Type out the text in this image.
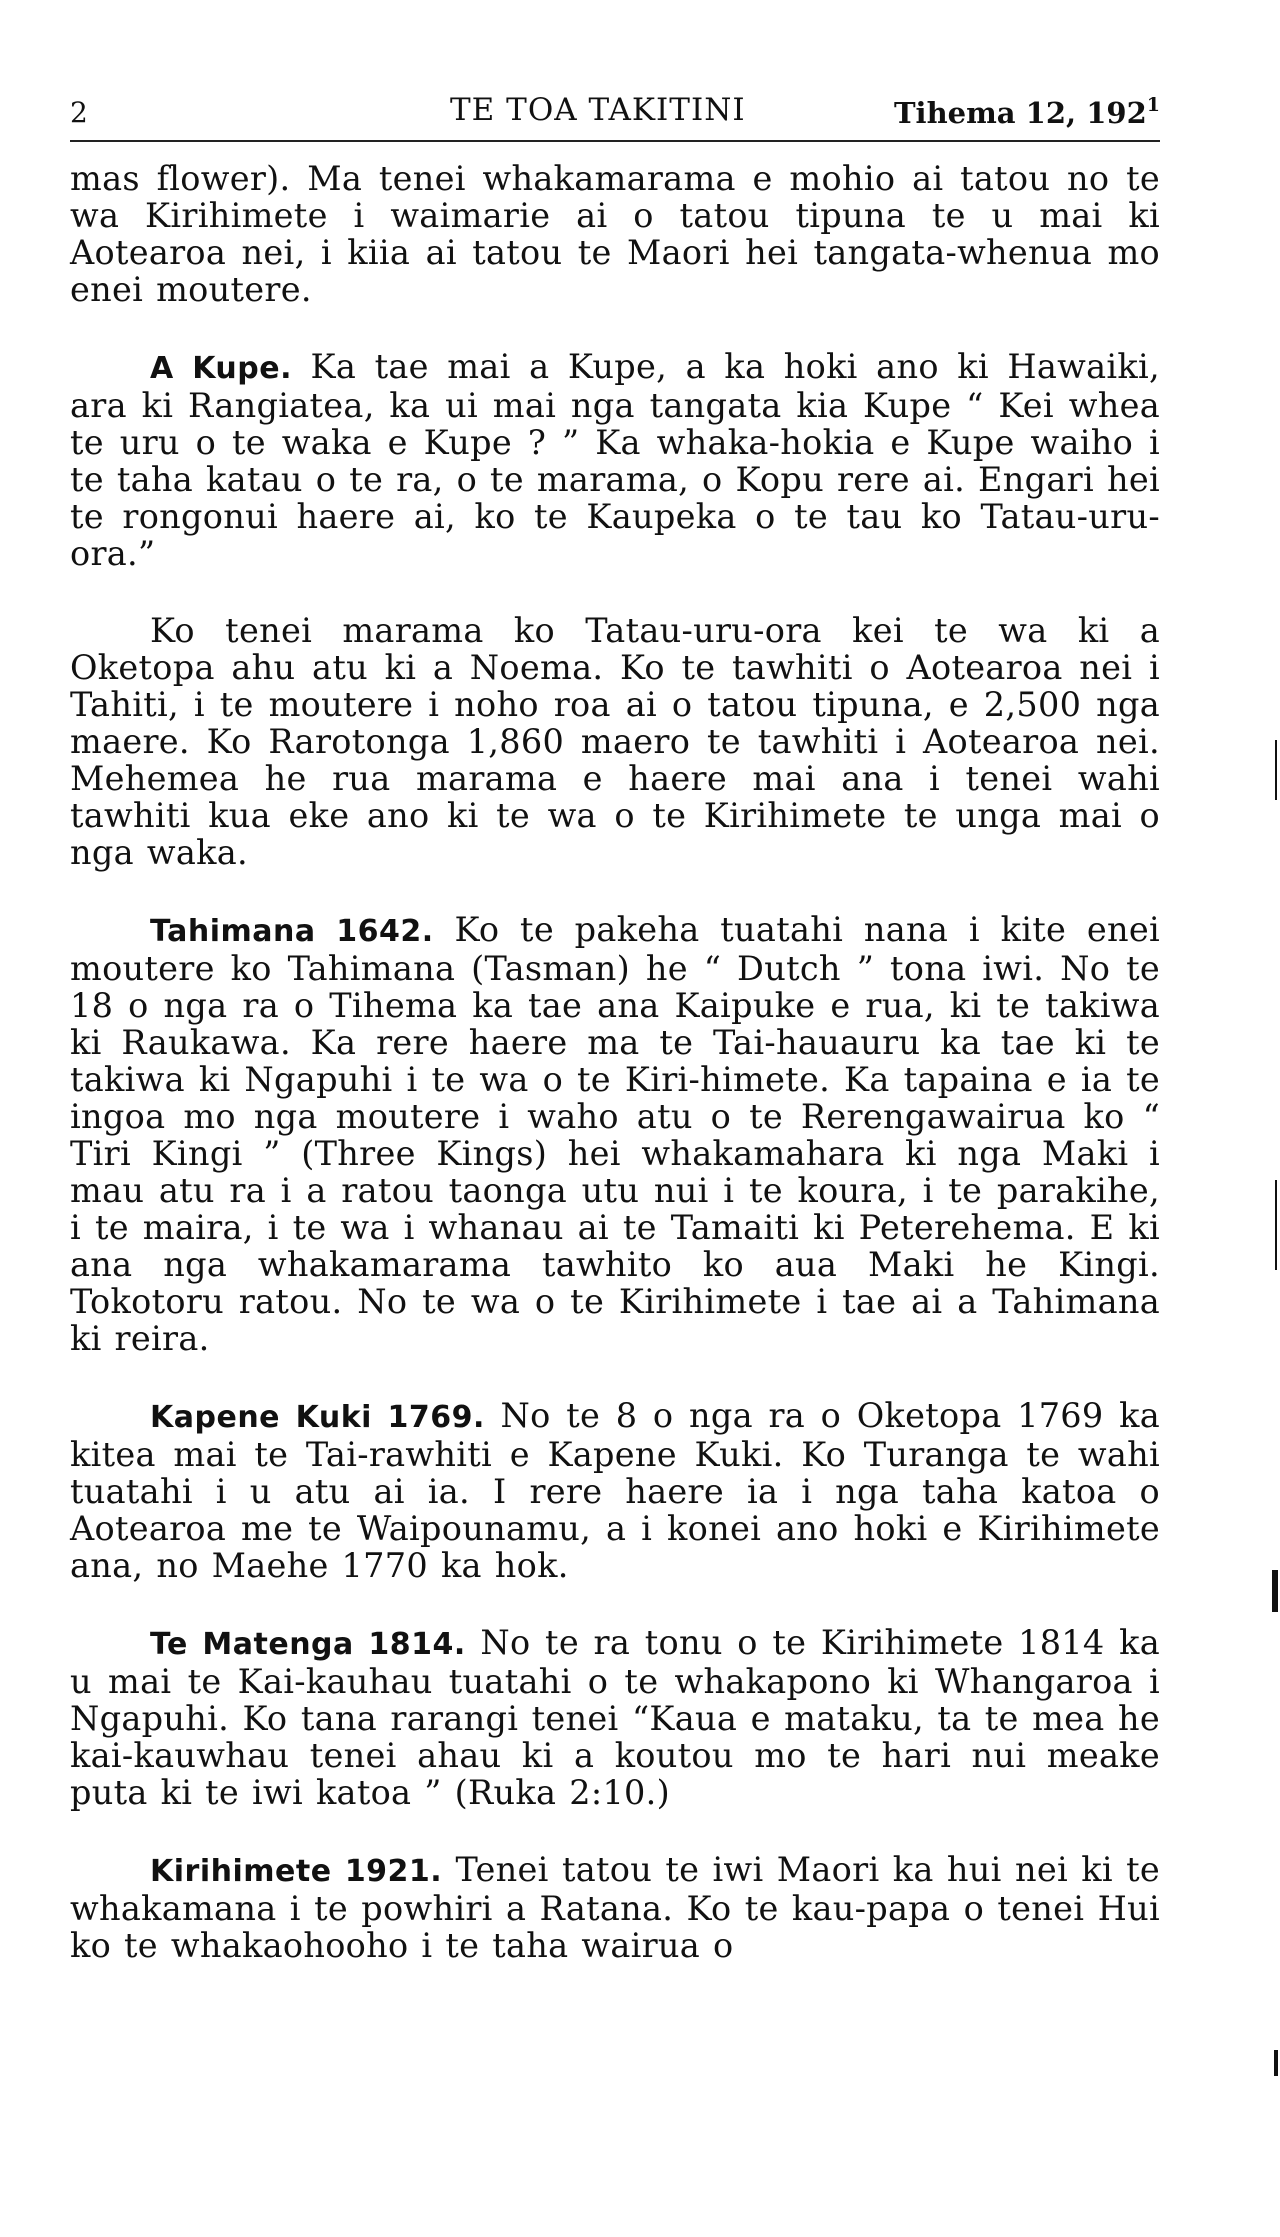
2	TE TOA TAKITINI	Tihema 12, $192^1$

mas flower). Ma tenei whakamarama e mohio ai tatou no te wa Kirihimete i waimarie ai o tatou tipuna te u mai ki Aotearoa nei, i kiia ai tatou te Maori hei tangata-whenua mo enei moutere.

A Kupe. Ka tae mai a Kupe, a ka hoki ano ki Hawaiki, ara ki Rangiatea, ka ui mai nga tangata kia Kupe “ Kei whea te uru o te waka e Kupe ? ” Ka whaka-hokia e Kupe waiho i te taha katau o te ra, o te marama, o Kopu rere ai. Engari hei te rongonui haere ai, ko te Kaupeka o te tau ko Tatau-uru-ora.”

Ko tenei marama ko Tatau-uru-ora kei te wa ki a Oketopa ahu atu ki a Noema. Ko te tawhiti o Aotearoa nei i Tahiti, i te moutere i noho roa ai o tatou tipuna, e 2,500 nga maere. Ko Rarotonga 1,860 maero te tawhiti i Aotearoa nei. Mehemea he rua marama e haere mai ana i tenei wahi tawhiti kua eke ano ki te wa o te Kirihimete te unga mai o nga waka.

Tahimana 1642. Ko te pakeha tuatahi nana i kite enei moutere ko Tahimana (Tasman) he “ Dutch ” tona iwi. No te 18 o nga ra o Tihema ka tae ana Kaipuke e rua, ki te takiwa ki Raukawa. Ka rere haere ma te Tai-hauauru ka tae ki te takiwa ki Ngapuhi i te wa o te Kiri-himete. Ka tapaina e ia te ingoa mo nga moutere i waho atu o te Rerengawairua ko “ Tiri Kingi ” (Three Kings) hei whakamahara ki nga Maki i mau atu ra i a ratou taonga utu nui i te koura, i te parakihe, i te maira, i te wa i whanau ai te Tamaiti ki Peterehema. E ki ana nga whakamarama tawhito ko aua Maki he Kingi. Tokotoru ratou. No te wa o te Kirihimete i tae ai a Tahimana ki reira.

Kapene Kuki 1769. No te 8 o nga ra o Oketopa 1769 ka kitea mai te Tai-rawhiti e Kapene Kuki. Ko Turanga te wahi tuatahi i u atu ai ia. I rere haere ia i nga taha katoa o Aotearoa me te Waipounamu, a i konei ano hoki e Kirihimete ana, no Maehe 1770 ka hok.

Te Matenga 1814. No te ra tonu o te Kirihimete 1814 ka u mai te Kai-kauhau tuatahi o te whakapono ki Whangaroa i Ngapuhi. Ko tana rarangi tenei “Kaua e mataku, ta te mea he kai-kauwhau tenei ahau ki a koutou mo te hari nui meake puta ki te iwi katoa ” (Ruka 2:10.)

Kirihimete 1921. Tenei tatou te iwi Maori ka hui nei ki te whakamana i te powhiri a Ratana. Ko te kau-papa o tenei Hui ko te whakaohooho i te taha wairua o
